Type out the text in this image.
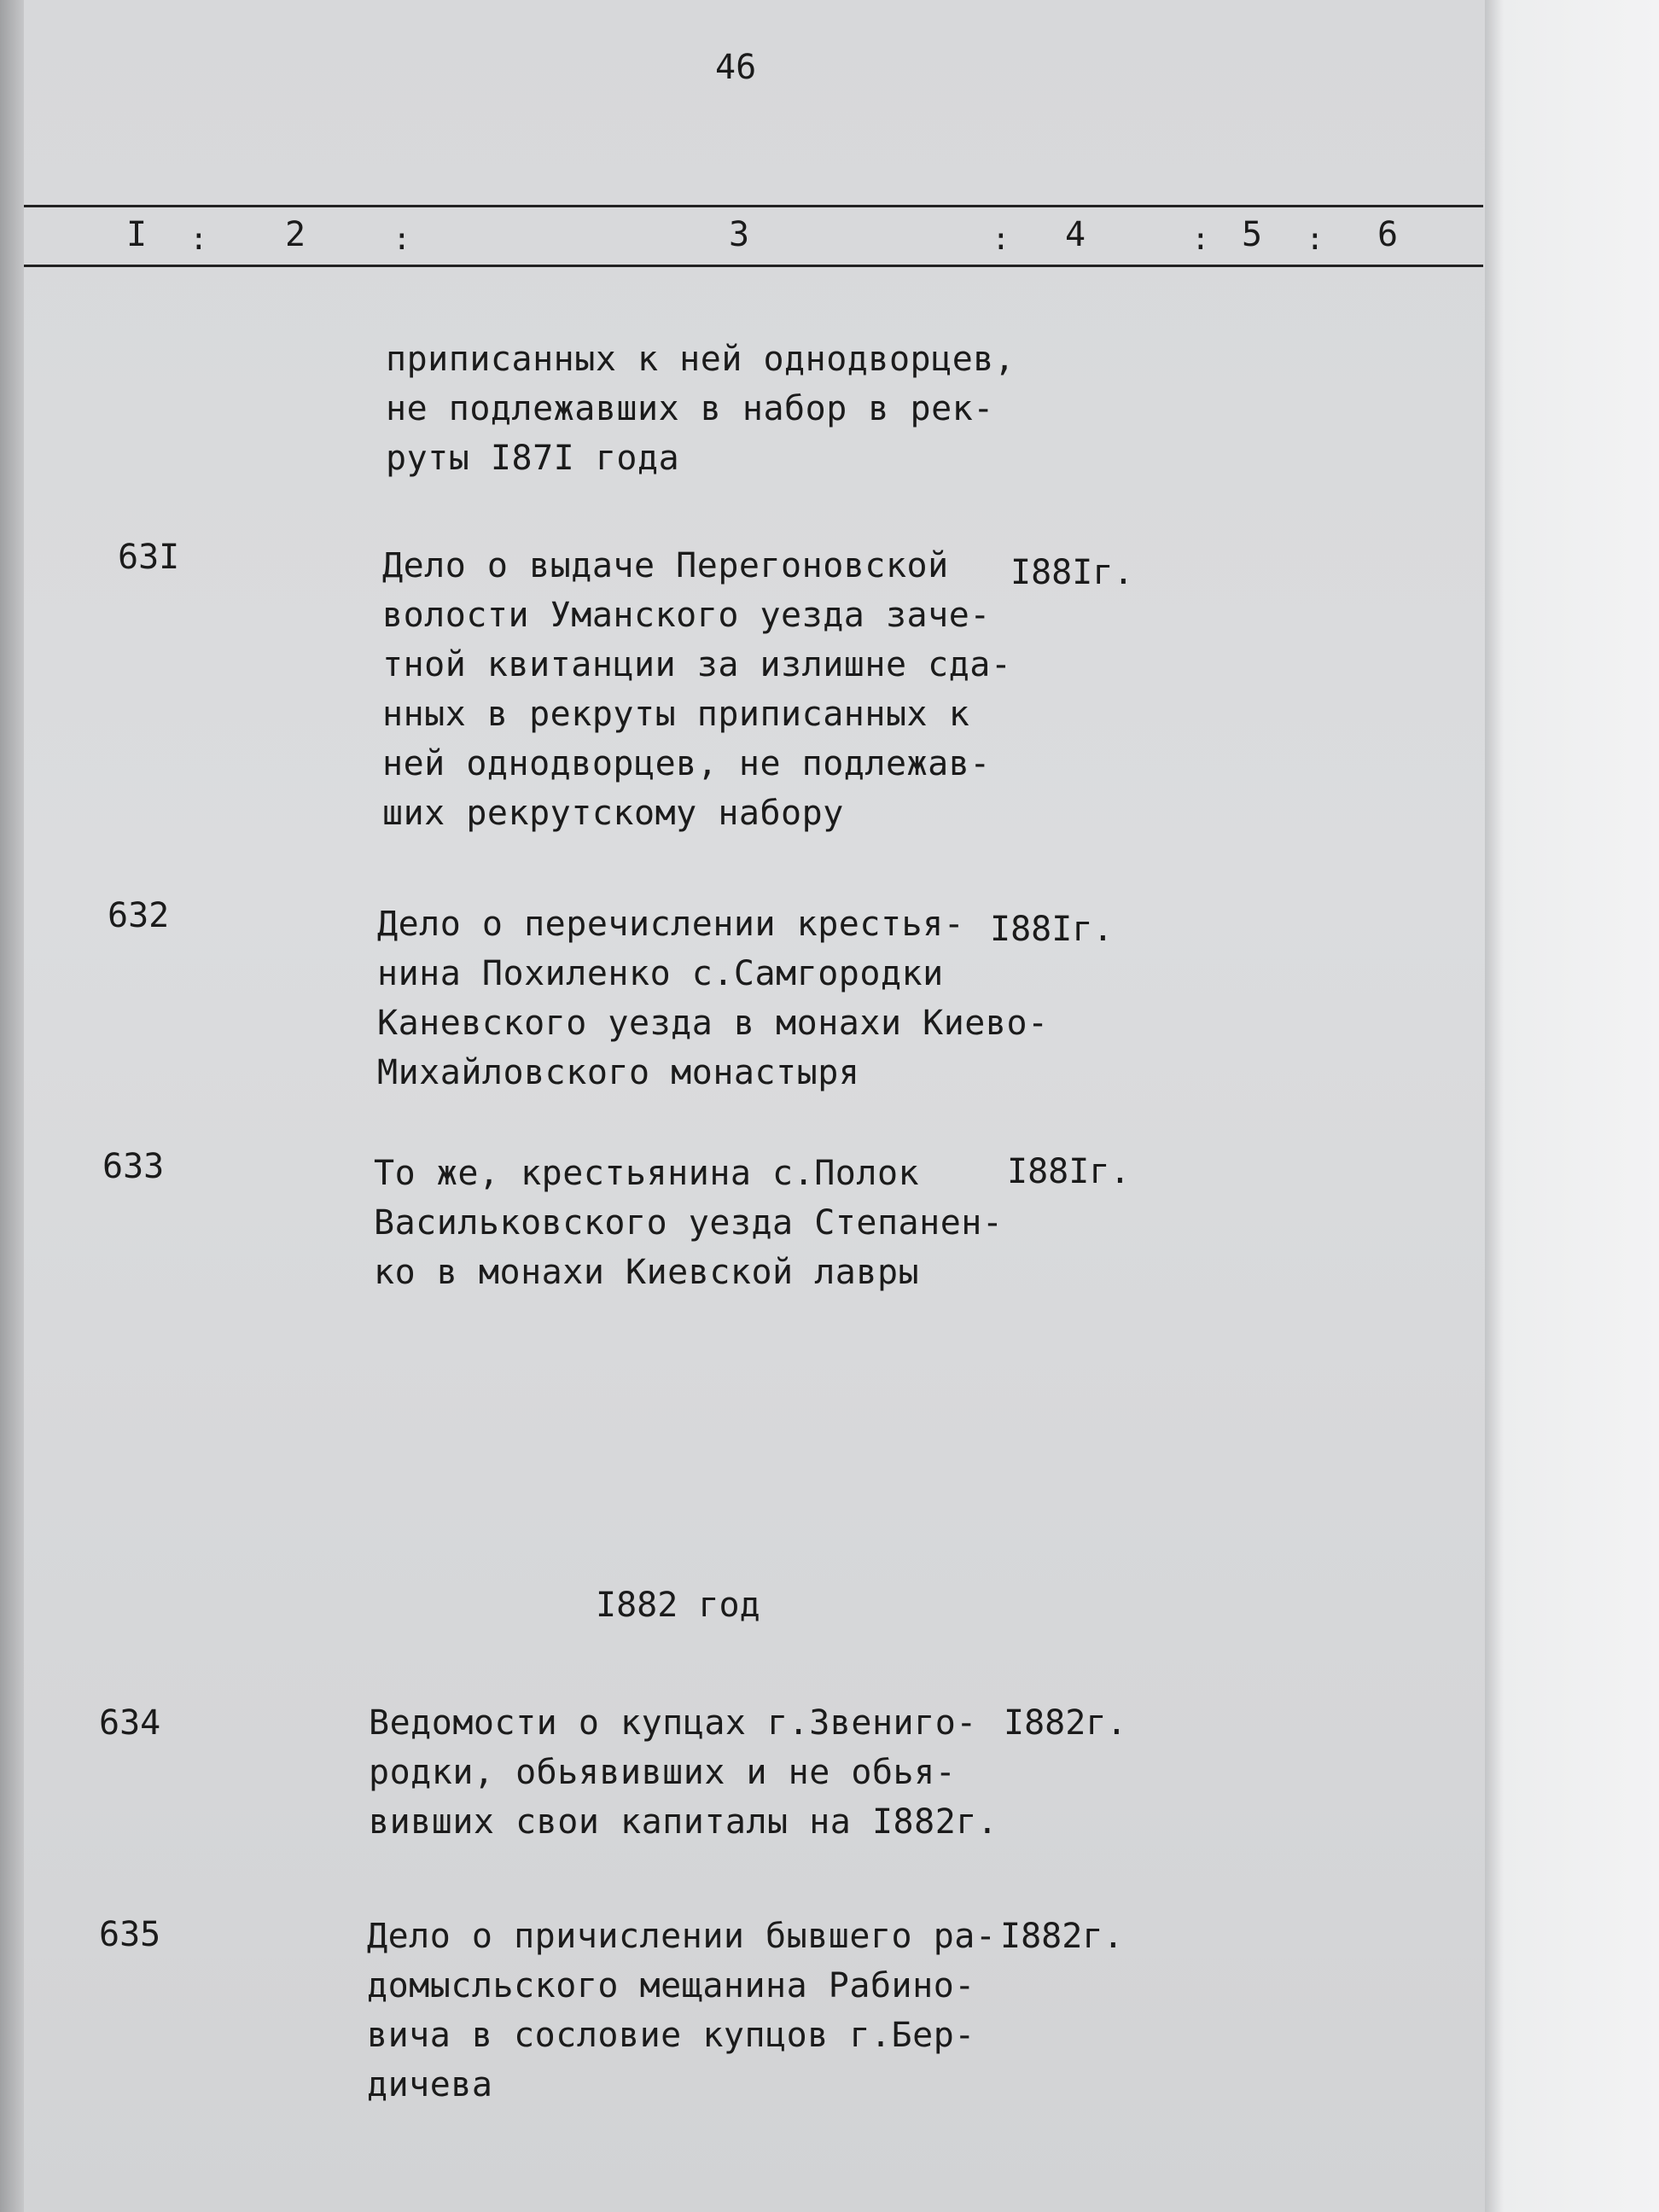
46
I : 2	:	3	: 4	: 5 : 6
приписанных к ней однодворцев,
не подлежавших в набор в рек-
руты I87I года
63I	Дело о выдаче Перегоновской
волости Уманского уезда заче-
тной квитанции за излишне сда-
нных в рекруты приписанных к
ней однодворцев, не подлежав-
ших рекрутскому набору
I88Iг.
632	Дело о перечислении крестья-
нина Похиленко с.Самгородки
Каневского уезда в монахи Киево-
Михайловского монастыря
I88Iг.
633	То же, крестьянина с.Полок
Васильковского уезда Степанен-
ко в монахи Киевской лавры
I88Iг.
I882 год
634	Ведомости о купцах г.Звениго-
родки, обьявивших и не обья-
вивших свои капиталы на I882г.
I882г.
635	Дело о причислении бывшего ра-
домысльского мещанина Рабино-
вича в сословие купцов г.Бер-
дичева
I882г.
